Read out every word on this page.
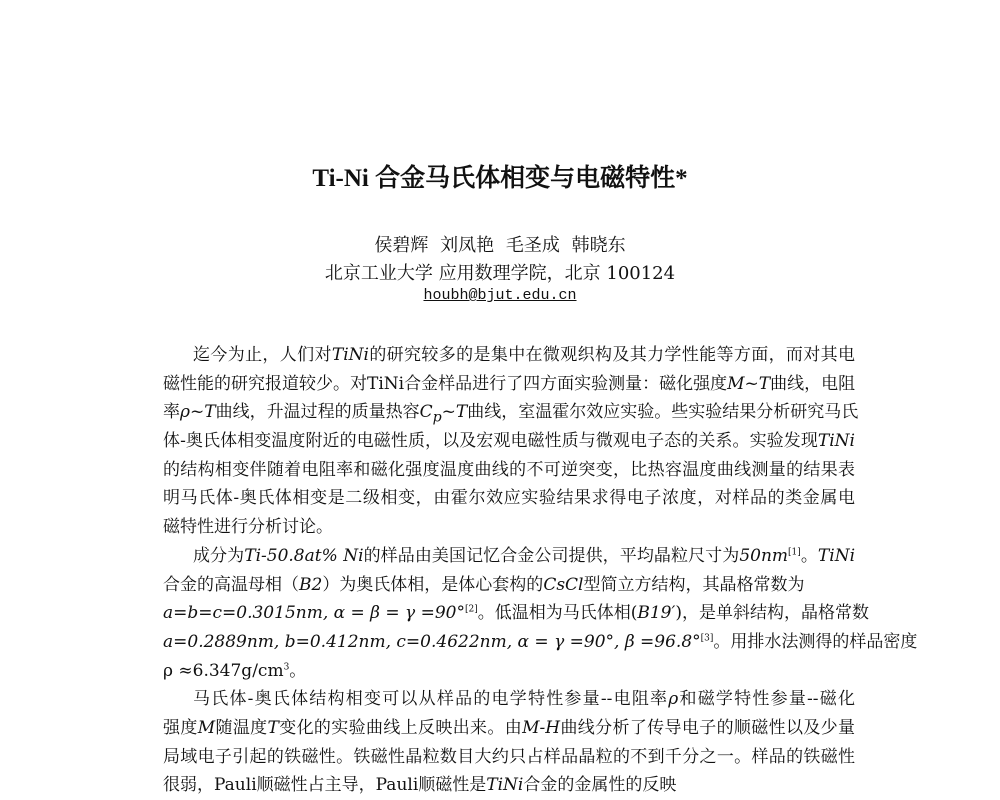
Ti-Ni 合金马氏体相变与电磁特性*
侯碧辉 刘凤艳 毛圣成 韩晓东
北京工业大学 应用数理学院，北京 100124
houbh@bjut.edu.cn
迄今为止，人们对TiNi的研究较多的是集中在微观织构及其力学性能等方面，而对其电
磁性能的研究报道较少。对TiNi合金样品进行了四方面实验测量：磁化强度M~T曲线，电阻
率ρ~T曲线，升温过程的质量热容$C_p\sim T$曲线，室温霍尔效应实验。些实验结果分析研究马氏
体-奥氏体相变温度附近的电磁性质，以及宏观电磁性质与微观电子态的关系。实验发现TiNi
的结构相变伴随着电阻率和磁化强度温度曲线的不可逆突变，比热容温度曲线测量的结果表
明马氏体-奥氏体相变是二级相变，由霍尔效应实验结果求得电子浓度，对样品的类金属电
磁特性进行分析讨论。
成分为Ti-50.8at% Ni的样品由美国记忆合金公司提供，平均晶粒尺寸为50nm[1]。TiNi
合金的高温母相（B2）为奥氏体相，是体心套构的CsCl型简立方结构，其晶格常数为
a=b=c=0.3015nm, α = β = γ =90°[2]。低温相为马氏体相(B19′)，是单斜结构，晶格常数
a=0.2889nm, b=0.412nm, c=0.4622nm, α = γ =90°, β =96.8°[3]。用排水法测得的样品密度
$\rho \approx 6.347g/cm^3$。
马氏体-奥氏体结构相变可以从样品的电学特性参量--电阻率ρ和磁学特性参量--磁化
强度M随温度T变化的实验曲线上反映出来。由M-H曲线分析了传导电子的顺磁性以及少量
局域电子引起的铁磁性。铁磁性晶粒数目大约只占样品晶粒的不到千分之一。样品的铁磁性
很弱，Pauli顺磁性占主导，Pauli顺磁性是TiNi合金的金属性的反映
